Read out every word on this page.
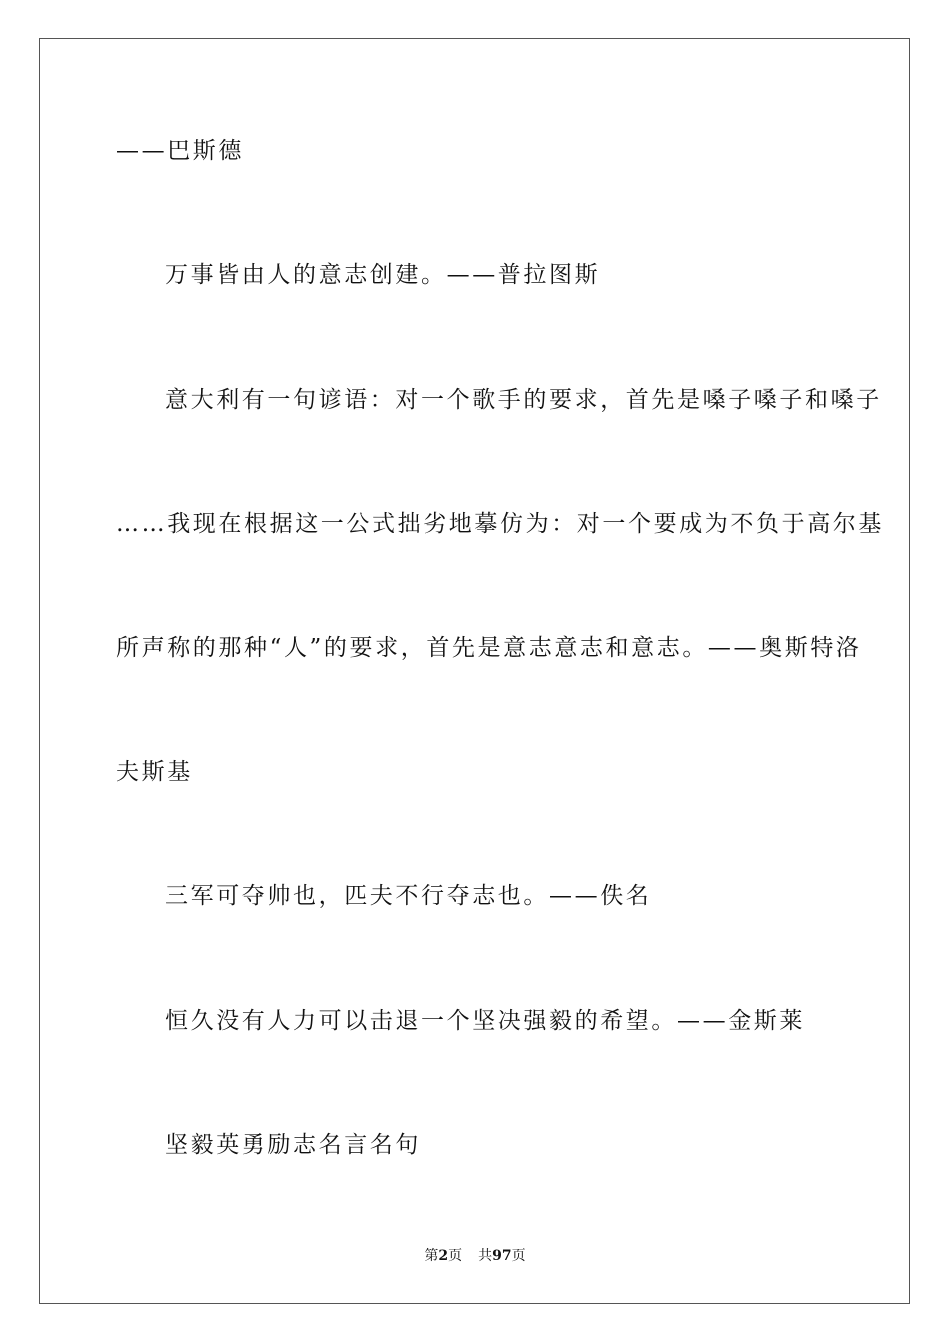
——巴斯德
万事皆由人的意志创建。——普拉图斯
意大利有一句谚语：对一个歌手的要求，首先是嗓子嗓子和嗓子
……我现在根据这一公式拙劣地摹仿为：对一个要成为不负于高尔基
所声称的那种“人”的要求，首先是意志意志和意志。——奥斯特洛
夫斯基
三军可夺帅也，匹夫不行夺志也。——佚名
恒久没有人力可以击退一个坚决强毅的希望。——金斯莱
坚毅英勇励志名言名句
第2页 共97页
